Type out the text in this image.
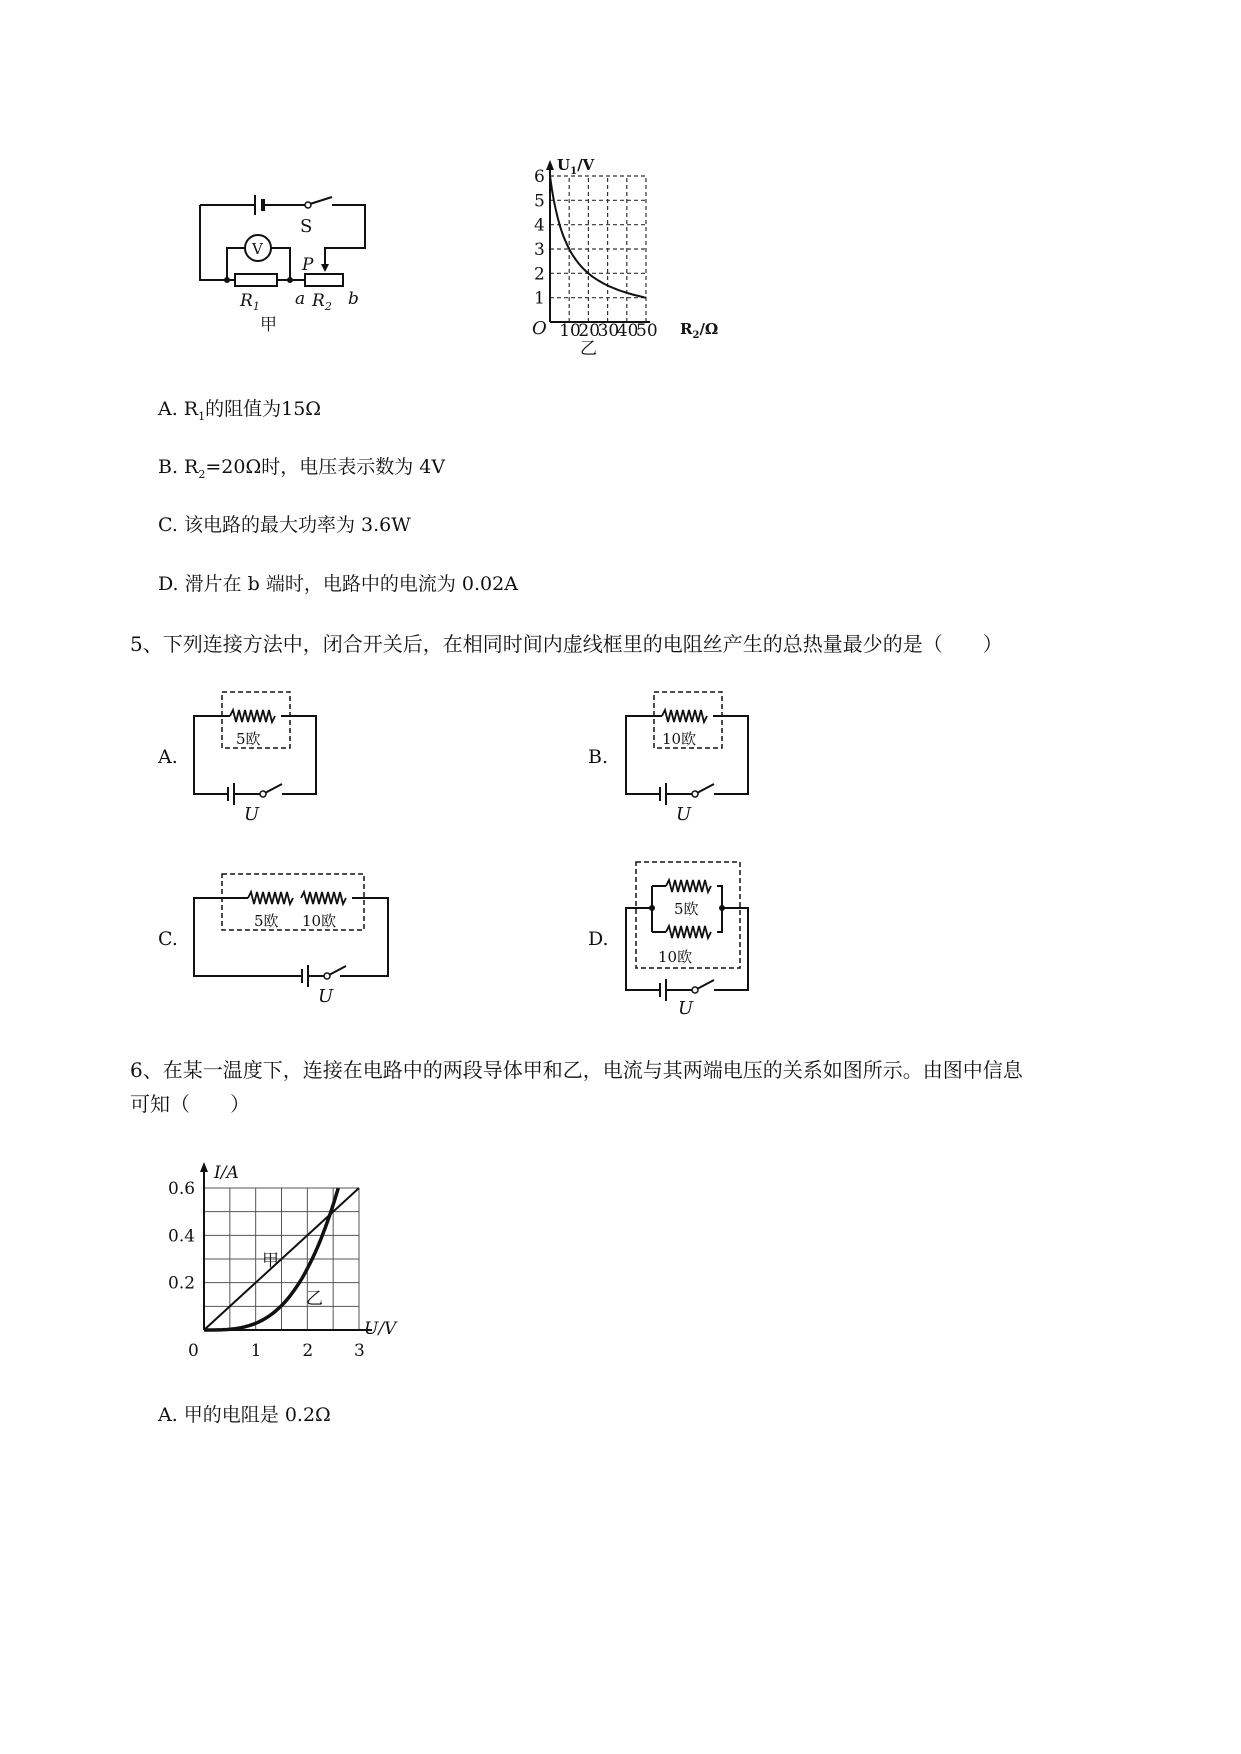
S
V
P
$R_1$ a $R_2$ b
甲	10
20
30
40
50
1
2
3
4
5
6
$U_1/V$
$R_2/\Omega$
O
乙
A. $R_1$的阻值为15Ω
B. $R_2=20\Omega$时，电压表示数为 4V
C. 该电路的最大功率为 3.6W
D. 滑片在 b 端时，电路中的电流为 0.02A
5、下列连接方法中，闭合开关后，在相同时间内虚线框里的电阻丝产生的总热量最少的是（　　）
A.
5欧
U
B.
10欧
U
C.
5欧 10欧
U
D.
5欧
10欧
U
6、在某一温度下，连接在电路中的两段导体甲和乙，电流与其两端电压的关系如图所示。由图中信息
可知（　　）
1 2 3
0.2
0.4
0.6
I/A
U/V
0
甲
乙
A. 甲的电阻是 0.2Ω
